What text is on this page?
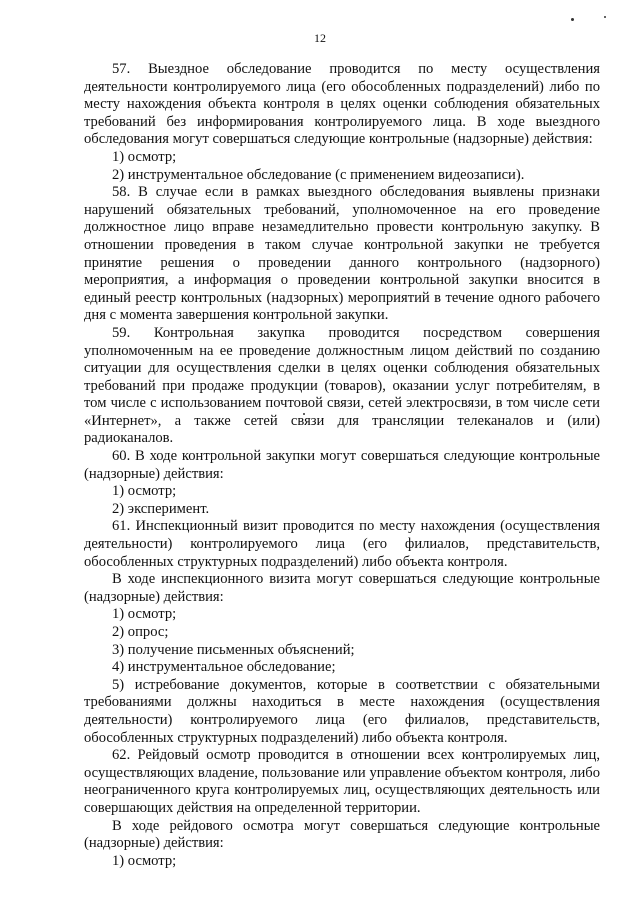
12

57. Выездное обследование проводится по месту осуществления деятельности контролируемого лица (его обособленных подразделений) либо по месту нахождения объекта контроля в целях оценки соблюдения обязательных требований без информирования контролируемого лица. В ходе выездного обследования могут совершаться следующие контрольные (надзорные) действия:

1) осмотр;

2) инструментальное обследование (с применением видеозаписи).

58. В случае если в рамках выездного обследования выявлены признаки нарушений обязательных требований, уполномоченное на его проведение должностное лицо вправе незамедлительно провести контрольную закупку. В отношении проведения в таком случае контрольной закупки не требуется принятие решения о проведении данного контрольного (надзорного) мероприятия, а информация о проведении контрольной закупки вносится в единый реестр контрольных (надзорных) мероприятий в течение одного рабочего дня с момента завершения контрольной закупки.

59. Контрольная закупка проводится посредством совершения уполномоченным на ее проведение должностным лицом действий по созданию ситуации для осуществления сделки в целях оценки соблюдения обязательных требований при продаже продукции (товаров), оказании услуг потребителям, в том числе с использованием почтовой связи, сетей электросвязи, в том числе сети «Интернет», а также сетей связи для трансляции телеканалов и (или) радиоканалов.

60. В ходе контрольной закупки могут совершаться следующие контрольные (надзорные) действия:

1) осмотр;

2) эксперимент.

61. Инспекционный визит проводится по месту нахождения (осуществления деятельности) контролируемого лица (его филиалов, представительств, обособленных структурных подразделений) либо объекта контроля.

В ходе инспекционного визита могут совершаться следующие контрольные (надзорные) действия:

1) осмотр;

2) опрос;

3) получение письменных объяснений;

4) инструментальное обследование;

5) истребование документов, которые в соответствии с обязательными требованиями должны находиться в месте нахождения (осуществления деятельности) контролируемого лица (его филиалов, представительств, обособленных структурных подразделений) либо объекта контроля.

62. Рейдовый осмотр проводится в отношении всех контролируемых лиц, осуществляющих владение, пользование или управление объектом контроля, либо неограниченного круга контролируемых лиц, осуществляющих деятельность или совершающих действия на определенной территории.

В ходе рейдового осмотра могут совершаться следующие контрольные (надзорные) действия:

1) осмотр;
